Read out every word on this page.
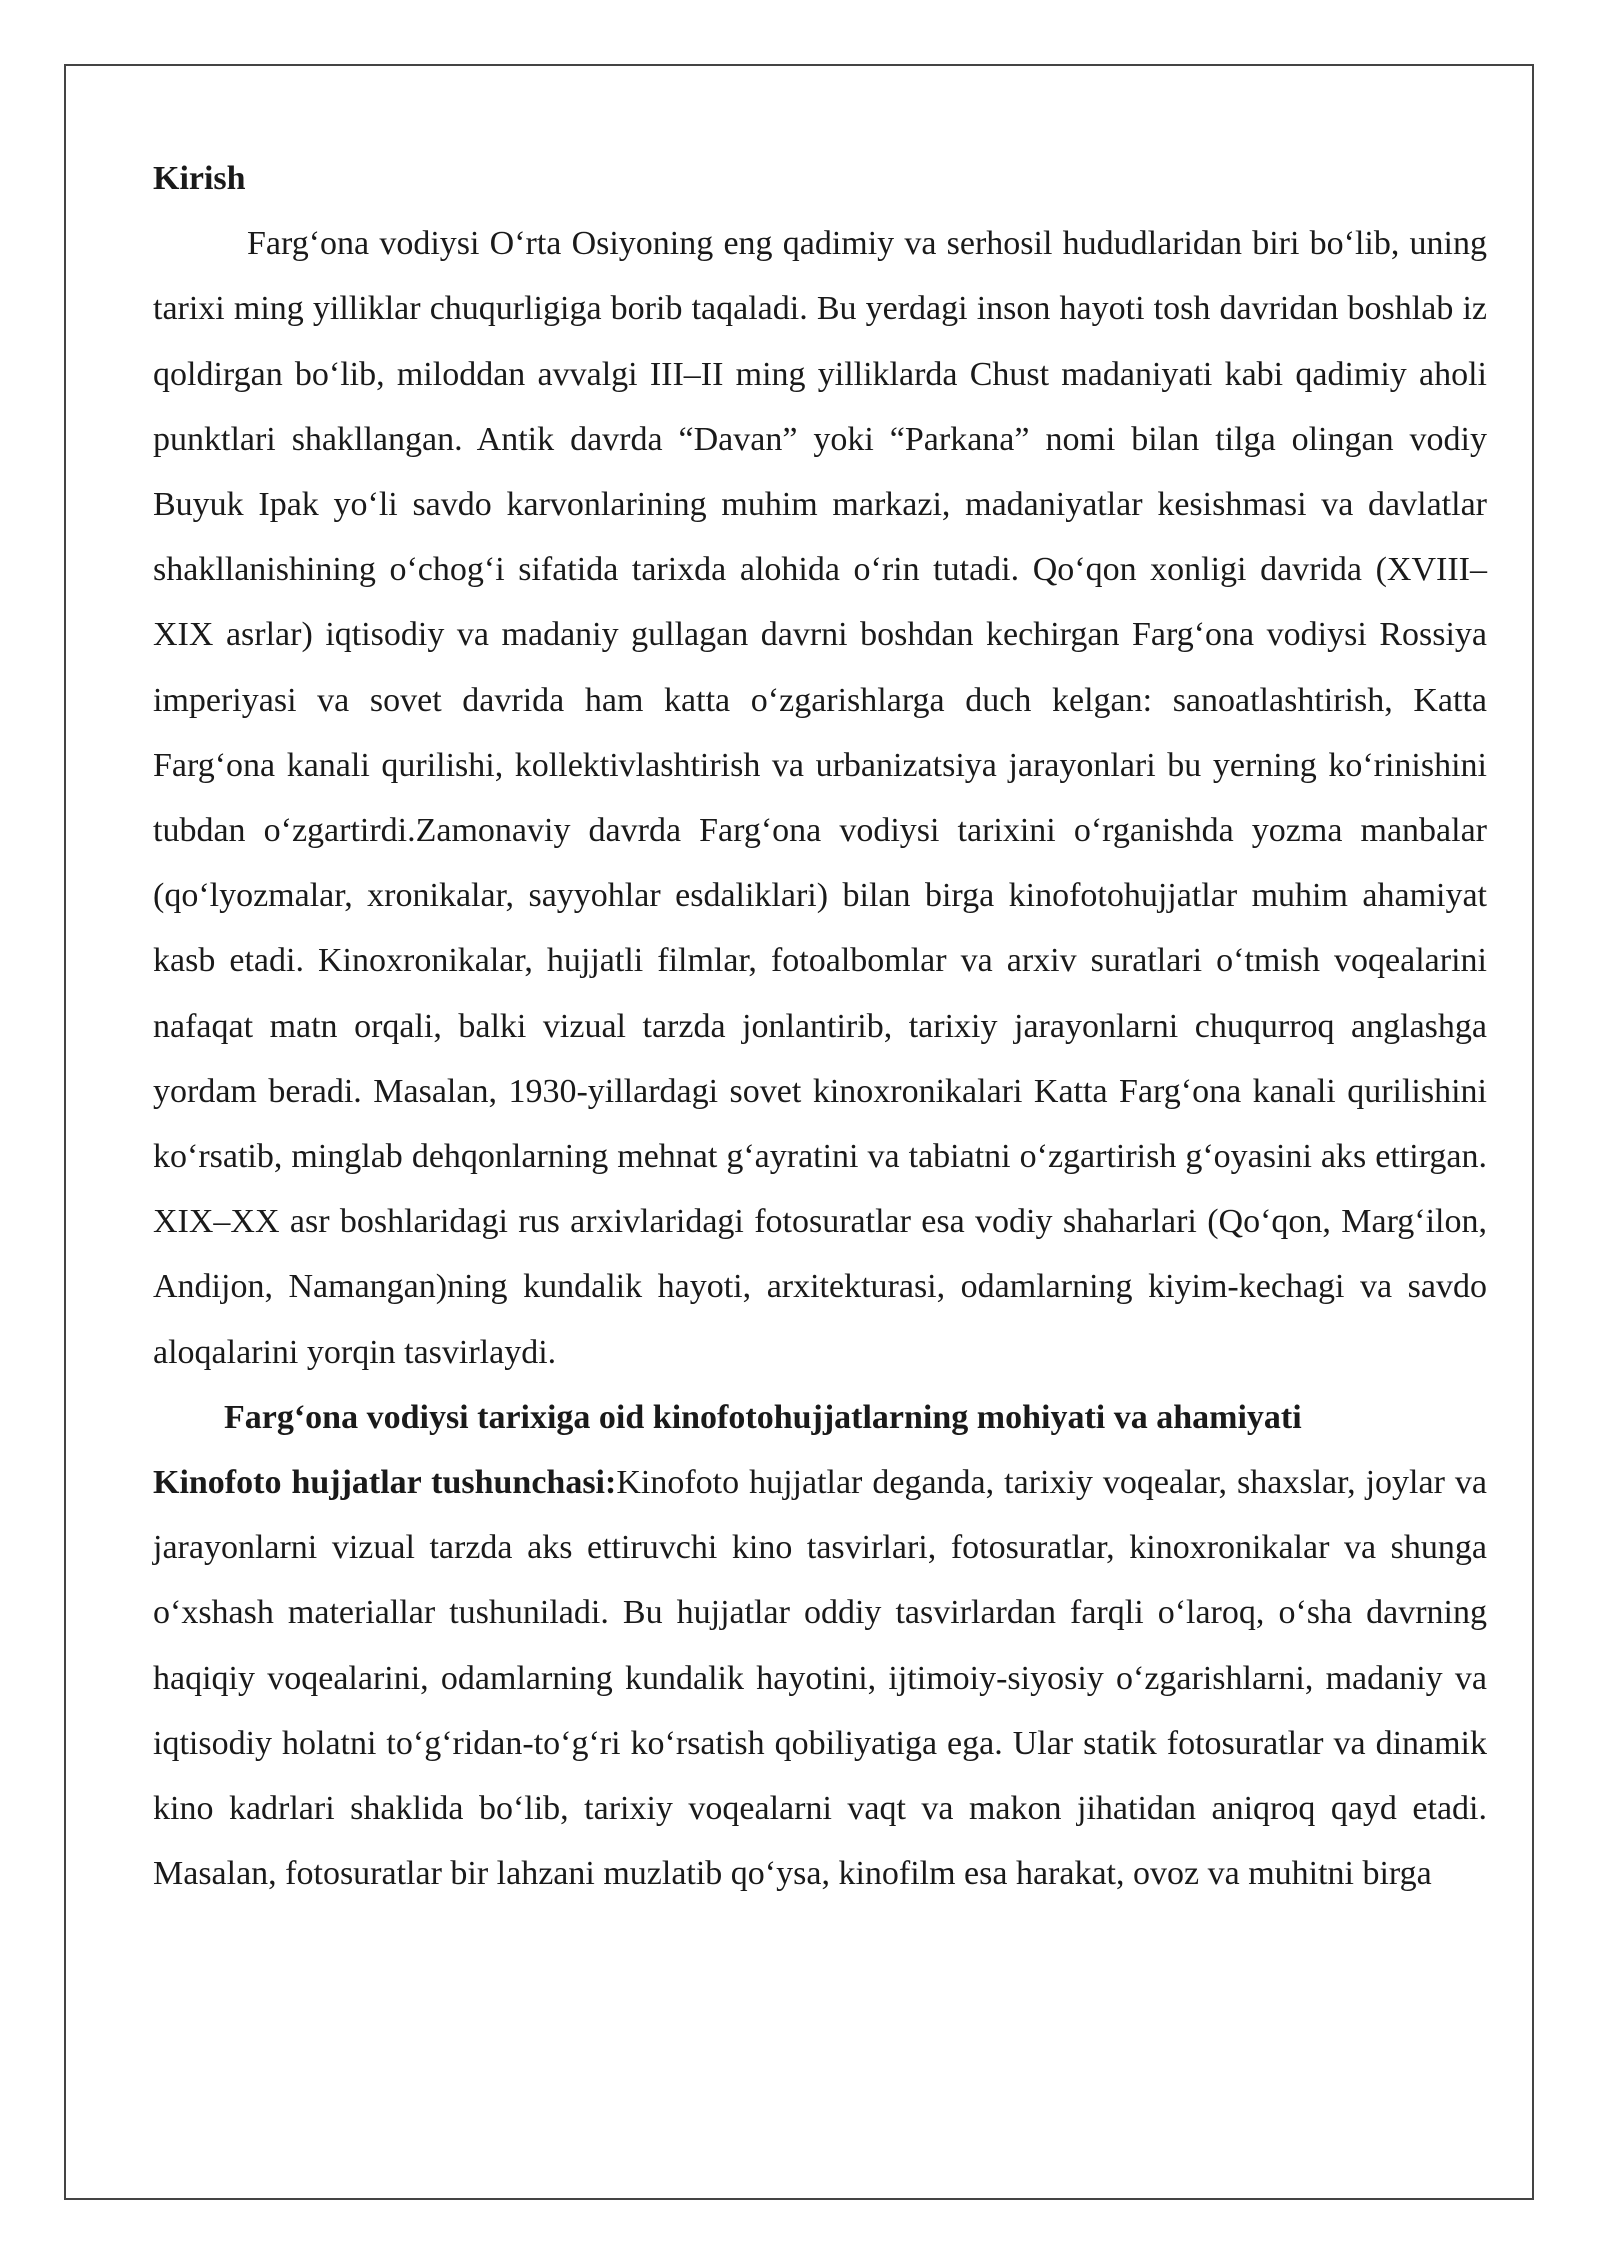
Kirish

Farg‘ona vodiysi O‘rta Osiyoning eng qadimiy va serhosil hududlaridan biri bo‘lib, uning tarixi ming yilliklar chuqurligiga borib taqaladi. Bu yerdagi inson hayoti tosh davridan boshlab iz qoldirgan bo‘lib, miloddan avvalgi III–II ming yilliklarda Chust madaniyati kabi qadimiy aholi punktlari shakllangan. Antik davrda “Davan” yoki “Parkana” nomi bilan tilga olingan vodiy Buyuk Ipak yo‘li savdo karvonlarining muhim markazi, madaniyatlar kesishmasi va davlatlar shakllanishining o‘chog‘i sifatida tarixda alohida o‘rin tutadi. Qo‘qon xonligi davrida (XVIII–XIX asrlar) iqtisodiy va madaniy gullagan davrni boshdan kechirgan Farg‘ona vodiysi Rossiya imperiyasi va sovet davrida ham katta o‘zgarishlarga duch kelgan: sanoatlashtirish, Katta Farg‘ona kanali qurilishi, kollektivlashtirish va urbanizatsiya jarayonlari bu yerning ko‘rinishini tubdan o‘zgartirdi.Zamonaviy davrda Farg‘ona vodiysi tarixini o‘rganishda yozma manbalar (qo‘lyozmalar, xronikalar, sayyohlar esdaliklari) bilan birga kinofotohujjatlar muhim ahamiyat kasb etadi. Kinoxronikalar, hujjatli filmlar, fotoalbomlar va arxiv suratlari o‘tmish voqealarini nafaqat matn orqali, balki vizual tarzda jonlantirib, tarixiy jarayonlarni chuqurroq anglashga yordam beradi. Masalan, 1930-yillardagi sovet kinoxronikalari Katta Farg‘ona kanali qurilishini ko‘rsatib, minglab dehqonlarning mehnat g‘ayratini va tabiatni o‘zgartirish g‘oyasini aks ettirgan. XIX–XX asr boshlaridagi rus arxivlaridagi fotosuratlar esa vodiy shaharlari (Qo‘qon, Marg‘ilon, Andijon, Namangan)ning kundalik hayoti, arxitekturasi, odamlarning kiyim-kechagi va savdo aloqalarini yorqin tasvirlaydi.

Farg‘ona vodiysi tarixiga oid kinofotohujjatlarning mohiyati va ahamiyati

Kinofoto hujjatlar tushunchasi:Kinofoto hujjatlar deganda, tarixiy voqealar, shaxslar, joylar va jarayonlarni vizual tarzda aks ettiruvchi kino tasvirlari, fotosuratlar, kinoxronikalar va shunga o‘xshash materiallar tushuniladi. Bu hujjatlar oddiy tasvirlardan farqli o‘laroq, o‘sha davrning haqiqiy voqealarini, odamlarning kundalik hayotini, ijtimoiy-siyosiy o‘zgarishlarni, madaniy va iqtisodiy holatni to‘g‘ridan-to‘g‘ri ko‘rsatish qobiliyatiga ega. Ular statik fotosuratlar va dinamik kino kadrlari shaklida bo‘lib, tarixiy voqealarni vaqt va makon jihatidan aniqroq qayd etadi. Masalan, fotosuratlar bir lahzani muzlatib qo‘ysa, kinofilm esa harakat, ovoz va muhitni birga
